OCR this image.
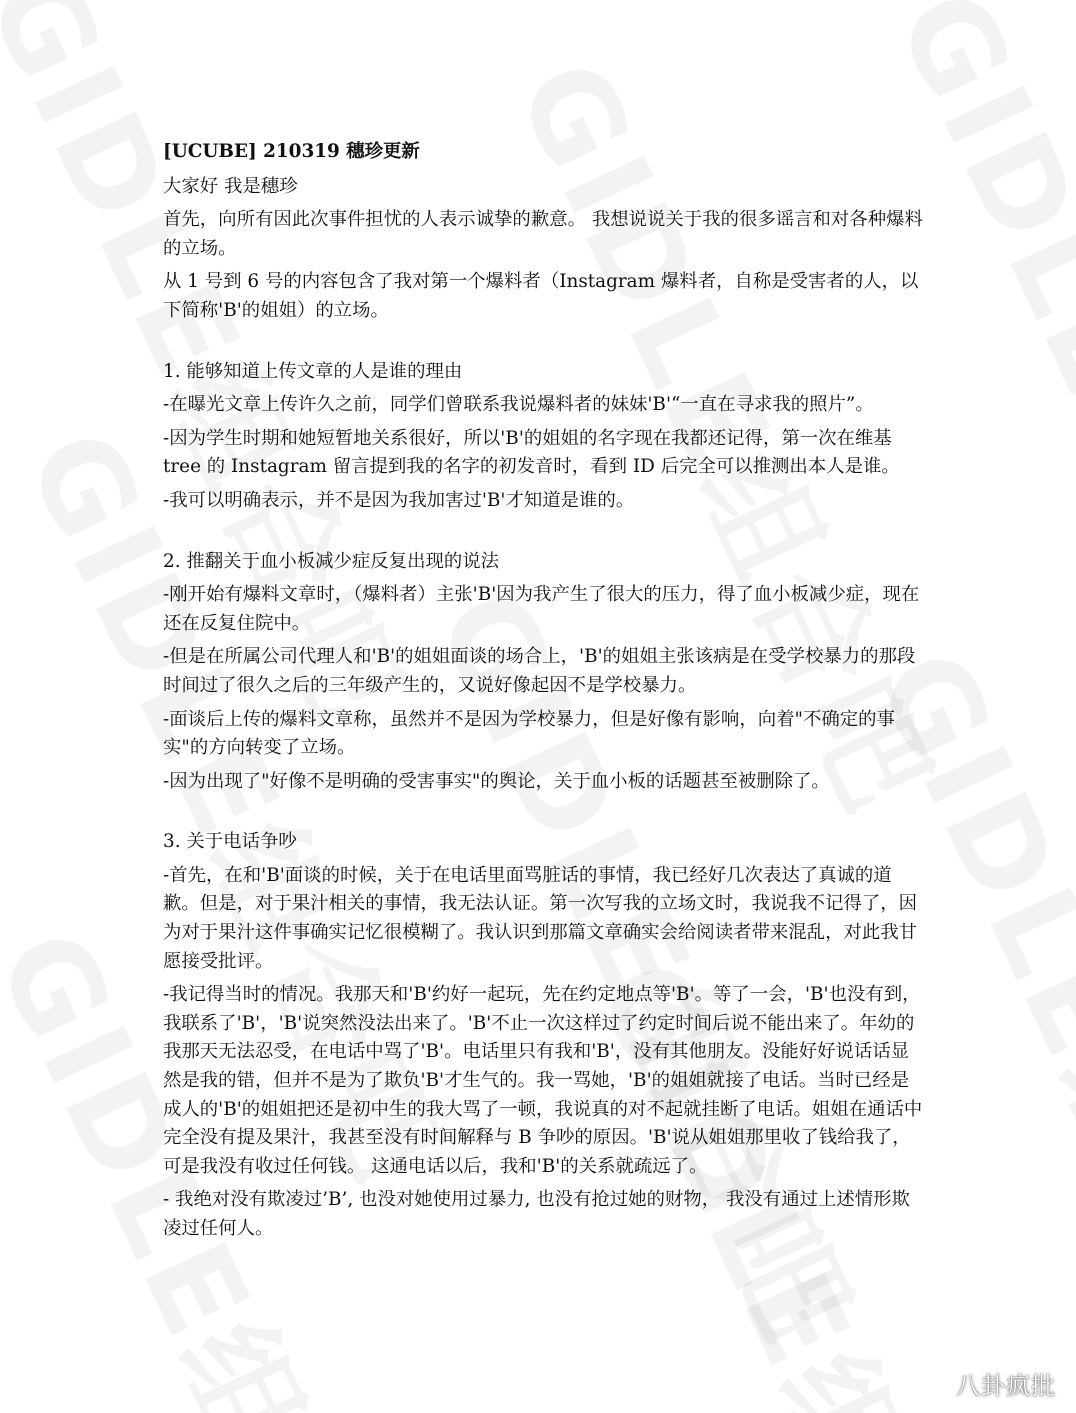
[UCUBE] 210319 穗珍更新

大家好 我是穗珍

首先，向所有因此次事件担忧的人表示诚挚的歉意。 我想说说关于我的很多谣言和对各种爆料的立场。

从 1 号到 6 号的内容包含了我对第一个爆料者（Instagram 爆料者，自称是受害者的人，以下简称'B'的姐姐）的立场。

1. 能够知道上传文章的人是谁的理由

-在曝光文章上传许久之前，同学们曾联系我说爆料者的妹妹'B'“一直在寻求我的照片”。

-因为学生时期和她短暂地关系很好，所以'B'的姐姐的名字现在我都还记得，第一次在维基 tree 的 Instagram 留言提到我的名字的初发音时，看到 ID 后完全可以推测出本人是谁。

-我可以明确表示，并不是因为我加害过'B'才知道是谁的。

2. 推翻关于血小板减少症反复出现的说法

-刚开始有爆料文章时，（爆料者）主张'B'因为我产生了很大的压力，得了血小板减少症，现在还在反复住院中。

-但是在所属公司代理人和'B'的姐姐面谈的场合上，'B'的姐姐主张该病是在受学校暴力的那段时间过了很久之后的三年级产生的，又说好像起因不是学校暴力。

-面谈后上传的爆料文章称，虽然并不是因为学校暴力，但是好像有影响，向着"不确定的事实"的方向转变了立场。

-因为出现了"好像不是明确的受害事实"的舆论，关于血小板的话题甚至被删除了。

3. 关于电话争吵

-首先，在和'B'面谈的时候，关于在电话里面骂脏话的事情，我已经好几次表达了真诚的道歉。但是，对于果汁相关的事情，我无法认证。第一次写我的立场文时，我说我不记得了，因为对于果汁这件事确实记忆很模糊了。我认识到那篇文章确实会给阅读者带来混乱，对此我甘愿接受批评。

-我记得当时的情况。我那天和'B'约好一起玩，先在约定地点等'B'。等了一会，'B'也没有到，我联系了'B'，'B'说突然没法出来了。'B'不止一次这样过了约定时间后说不能出来了。年幼的我那天无法忍受，在电话中骂了'B'。电话里只有我和'B'，没有其他朋友。没能好好说话话显然是我的错，但并不是为了欺负'B'才生气的。我一骂她，'B'的姐姐就接了电话。当时已经是成人的'B'的姐姐把还是初中生的我大骂了一顿，我说真的对不起就挂断了电话。姐姐在通话中完全没有提及果汁，我甚至没有时间解释与 B 争吵的原因。'B'说从姐姐那里收了钱给我了，可是我没有收过任何钱。 这通电话以后，我和'B'的关系就疏远了。

- 我绝对没有欺凌过’B’, 也没对她使用过暴力, 也没有抢过她的财物， 我没有通过上述情形欺凌过任何人。

八卦疯批
